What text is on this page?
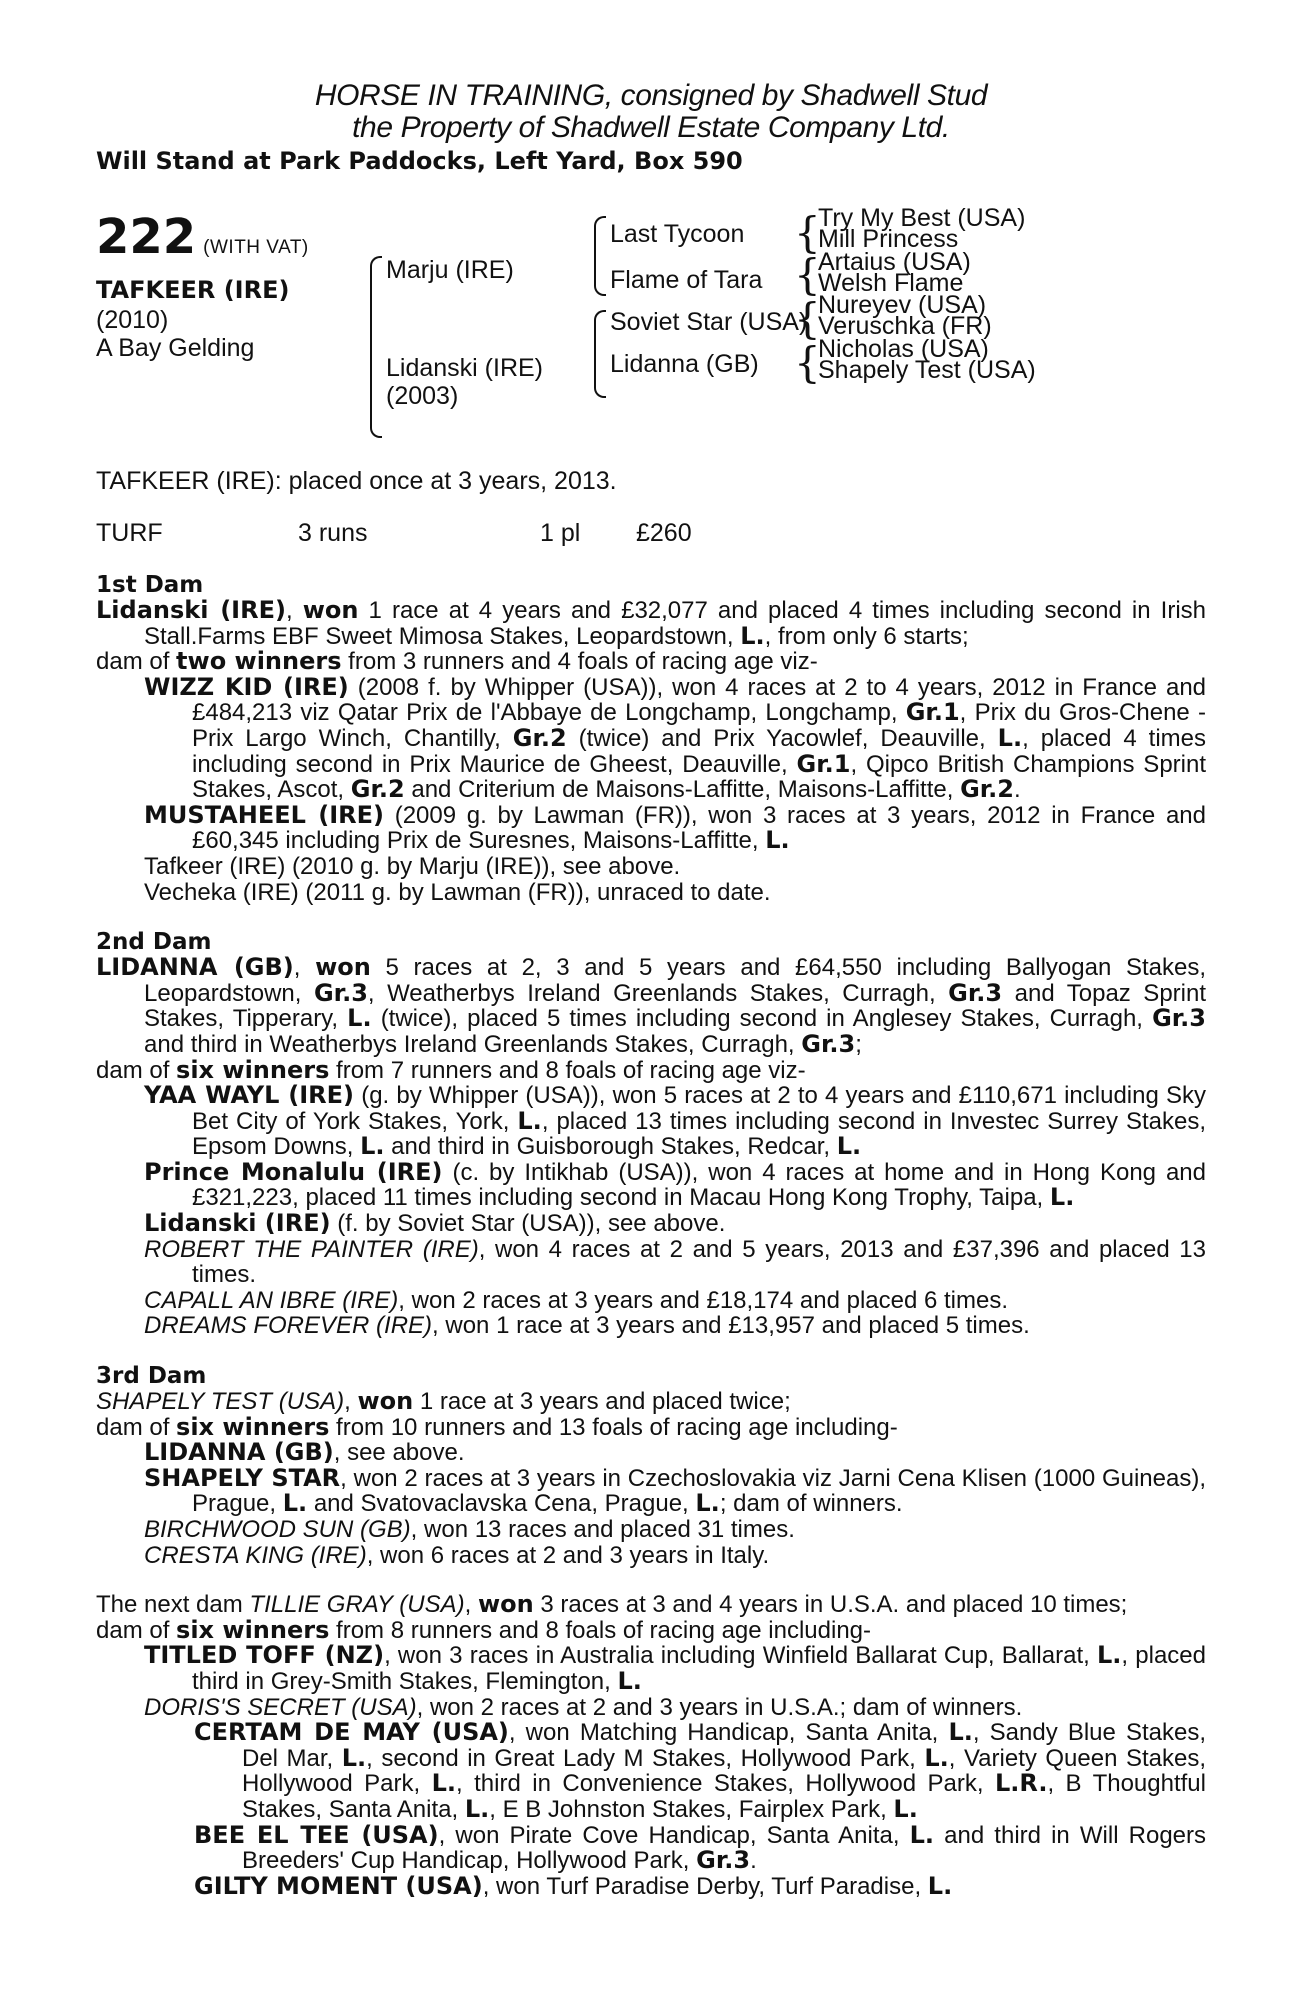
HORSE IN TRAINING, consigned by Shadwell Stud
the Property of Shadwell Estate Company Ltd.
Will Stand at Park Paddocks, Left Yard, Box 590
222 (WITH VAT)
TAFKEER (IRE)
(2010)
A Bay Gelding
Marju (IRE)
Lidanski (IRE)
(2003)
Last Tycoon
Flame of Tara
Soviet Star (USA)
Lidanna (GB)
{
{
{
{
Try My Best (USA)
Mill Princess
Artaius (USA)
Welsh Flame
Nureyev (USA)
Veruschka (FR)
Nicholas (USA)
Shapely Test (USA)
TAFKEER (IRE): placed once at 3 years, 2013.
TURF	3 runs	1 pl	£260
1st Dam
Lidanski (IRE), won 1 race at 4 years and £32,077 and placed 4 times including second in Irish Stall.Farms EBF Sweet Mimosa Stakes, Leopardstown, L., from only 6 starts;
dam of two winners from 3 runners and 4 foals of racing age viz-
WIZZ KID (IRE) (2008 f. by Whipper (USA)), won 4 races at 2 to 4 years, 2012 in France and £484,213 viz Qatar Prix de l'Abbaye de Longchamp, Longchamp, Gr.1, Prix du Gros-Chene - Prix Largo Winch, Chantilly, Gr.2 (twice) and Prix Yacowlef, Deauville, L., placed 4 times including second in Prix Maurice de Gheest, Deauville, Gr.1, Qipco British Champions Sprint Stakes, Ascot, Gr.2 and Criterium de Maisons-Laffitte, Maisons-Laffitte, Gr.2.
MUSTAHEEL (IRE) (2009 g. by Lawman (FR)), won 3 races at 3 years, 2012 in France and £60,345 including Prix de Suresnes, Maisons-Laffitte, L.
Tafkeer (IRE) (2010 g. by Marju (IRE)), see above.
Vecheka (IRE) (2011 g. by Lawman (FR)), unraced to date.
2nd Dam
LIDANNA (GB), won 5 races at 2, 3 and 5 years and £64,550 including Ballyogan Stakes, Leopardstown, Gr.3, Weatherbys Ireland Greenlands Stakes, Curragh, Gr.3 and Topaz Sprint Stakes, Tipperary, L. (twice), placed 5 times including second in Anglesey Stakes, Curragh, Gr.3 and third in Weatherbys Ireland Greenlands Stakes, Curragh, Gr.3;
dam of six winners from 7 runners and 8 foals of racing age viz-
YAA WAYL (IRE) (g. by Whipper (USA)), won 5 races at 2 to 4 years and £110,671 including Sky Bet City of York Stakes, York, L., placed 13 times including second in Investec Surrey Stakes, Epsom Downs, L. and third in Guisborough Stakes, Redcar, L.
Prince Monalulu (IRE) (c. by Intikhab (USA)), won 4 races at home and in Hong Kong and £321,223, placed 11 times including second in Macau Hong Kong Trophy, Taipa, L.
Lidanski (IRE) (f. by Soviet Star (USA)), see above.
ROBERT THE PAINTER (IRE), won 4 races at 2 and 5 years, 2013 and £37,396 and placed 13 times.
CAPALL AN IBRE (IRE), won 2 races at 3 years and £18,174 and placed 6 times.
DREAMS FOREVER (IRE), won 1 race at 3 years and £13,957 and placed 5 times.
3rd Dam
SHAPELY TEST (USA), won 1 race at 3 years and placed twice;
dam of six winners from 10 runners and 13 foals of racing age including-
LIDANNA (GB), see above.
SHAPELY STAR, won 2 races at 3 years in Czechoslovakia viz Jarni Cena Klisen (1000 Guineas), Prague, L. and Svatovaclavska Cena, Prague, L.; dam of winners.
BIRCHWOOD SUN (GB), won 13 races and placed 31 times.
CRESTA KING (IRE), won 6 races at 2 and 3 years in Italy.
The next dam TILLIE GRAY (USA), won 3 races at 3 and 4 years in U.S.A. and placed 10 times;
dam of six winners from 8 runners and 8 foals of racing age including-
TITLED TOFF (NZ), won 3 races in Australia including Winfield Ballarat Cup, Ballarat, L., placed third in Grey-Smith Stakes, Flemington, L.
DORIS'S SECRET (USA), won 2 races at 2 and 3 years in U.S.A.; dam of winners.
CERTAM DE MAY (USA), won Matching Handicap, Santa Anita, L., Sandy Blue Stakes, Del Mar, L., second in Great Lady M Stakes, Hollywood Park, L., Variety Queen Stakes, Hollywood Park, L., third in Convenience Stakes, Hollywood Park, L.R., B Thoughtful Stakes, Santa Anita, L., E B Johnston Stakes, Fairplex Park, L.
BEE EL TEE (USA), won Pirate Cove Handicap, Santa Anita, L. and third in Will Rogers Breeders' Cup Handicap, Hollywood Park, Gr.3.
GILTY MOMENT (USA), won Turf Paradise Derby, Turf Paradise, L.
